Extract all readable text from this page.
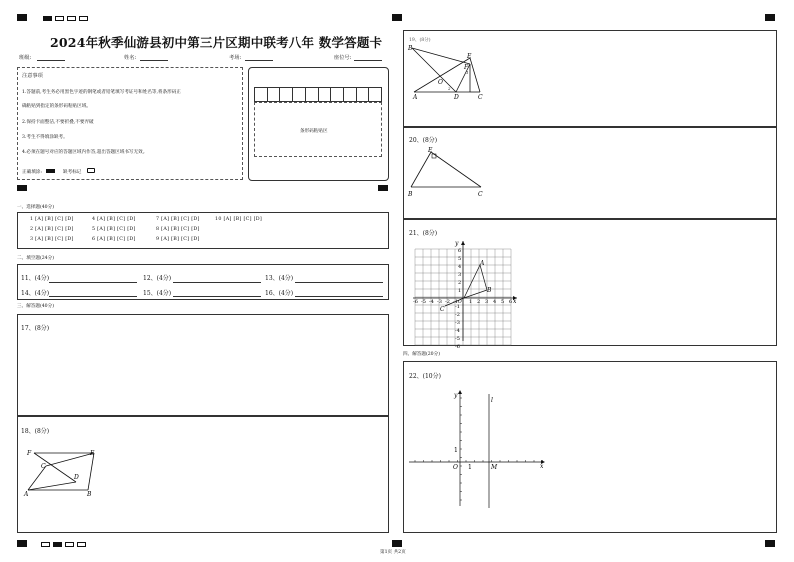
2024年秋季仙游县初中第三片区期中联考八年 数学答题卡
班级:	姓名:	考场:	座位号:
注意事项
1.答题前,考生务必用黑色字迹的钢笔或者铅笔填写考证号和姓名等,将条形码正
确粘贴到指定的条形码粘贴区域。
2.保持卡面整洁,不要折叠,不要弄破
3.考生不得填涂缺考。
4.必须在题号对应的答题区域内作答,超出答题区域书写无效。
正确填涂:	缺考标记
条形码粘贴区
一、选择题(40分)
1 [A] [B] [C] [D]	4 [A] [B] [C] [D]	7 [A] [B] [C] [D]	10 [A] [B] [C] [D]
2 [A] [B] [C] [D]	5 [A] [B] [C] [D]	8 [A] [B] [C] [D]
3 [A] [B] [C] [D]	6 [A] [B] [C] [D]	9 [A] [B] [C] [D]
二、填空题(24分)
11、(4分)	12、(4分)	13、(4分)
14、(4分)	15、(4分)	16、(4分)
三、解答题(40分)
17、(8分)
18、(8分)
F	E
C
D
A	B
19、(8分)
B
E
F
O
A	D	C
1
2
20、(8分)
E
B	C
21、(8分)
y
x
A
B
C
O
-6 -5 -4 -3 -2 -1 1 2 3 4 5 6
6
5
4
3
2
1
-1
-2
-3
-4
-5
-6
四、解答题(20分)
22、(10分)
y
x
l
O	M
1
1
第1页 共2页
